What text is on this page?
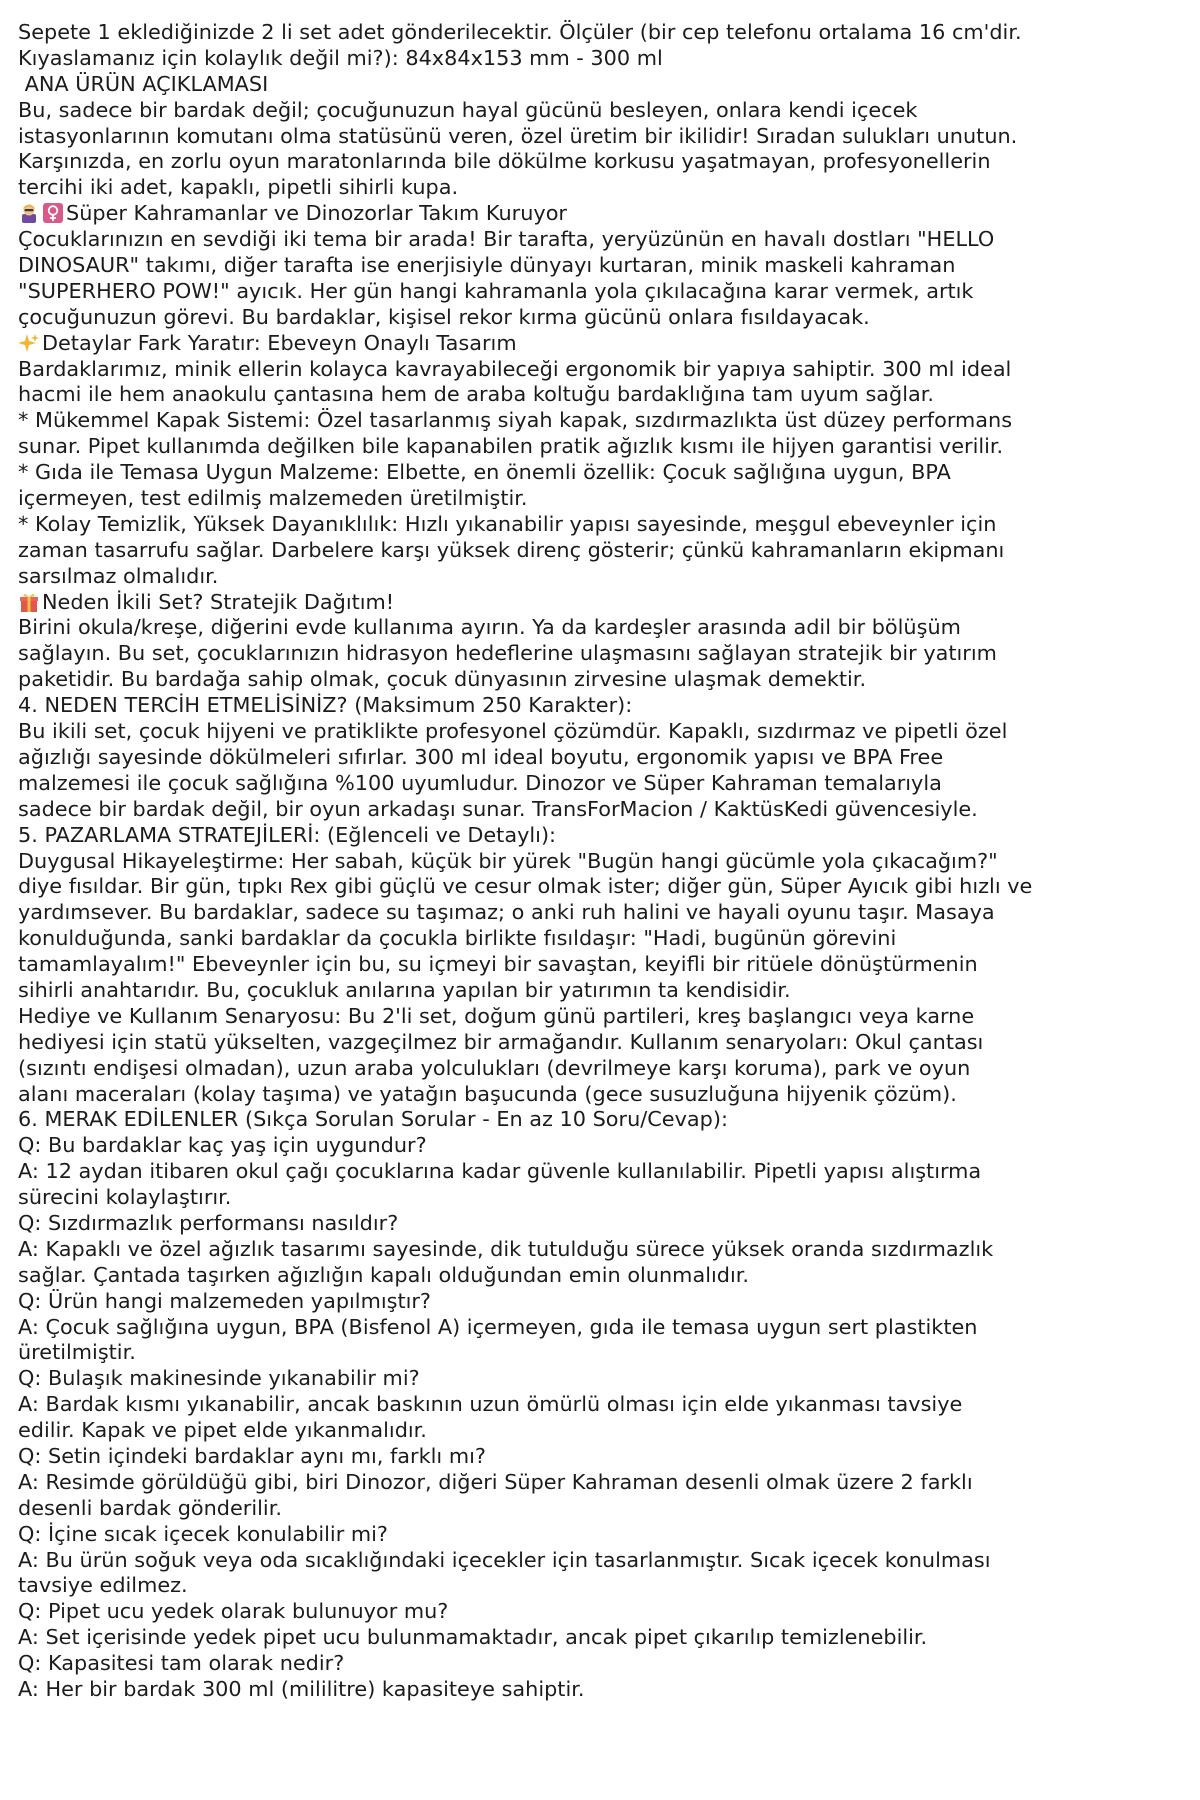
Sepete 1 eklediğinizde 2 li set adet gönderilecektir. Ölçüler (bir cep telefonu ortalama 16 cm'dir.
Kıyaslamanız için kolaylık değil mi?): 84x84x153 mm - 300 ml
ANA ÜRÜN AÇIKLAMASI
Bu, sadece bir bardak değil; çocuğunuzun hayal gücünü besleyen, onlara kendi içecek
istasyonlarının komutanı olma statüsünü veren, özel üretim bir ikilidir! Sıradan sulukları unutun.
Karşınızda, en zorlu oyun maratonlarında bile dökülme korkusu yaşatmayan, profesyonellerin
tercihi iki adet, kapaklı, pipetli sihirli kupa.
Süper Kahramanlar ve Dinozorlar Takım Kuruyor
Çocuklarınızın en sevdiği iki tema bir arada! Bir tarafta, yeryüzünün en havalı dostları "HELLO
DINOSAUR" takımı, diğer tarafta ise enerjisiyle dünyayı kurtaran, minik maskeli kahraman
"SUPERHERO POW!" ayıcık. Her gün hangi kahramanla yola çıkılacağına karar vermek, artık
çocuğunuzun görevi. Bu bardaklar, kişisel rekor kırma gücünü onlara fısıldayacak.
Detaylar Fark Yaratır: Ebeveyn Onaylı Tasarım
Bardaklarımız, minik ellerin kolayca kavrayabileceği ergonomik bir yapıya sahiptir. 300 ml ideal
hacmi ile hem anaokulu çantasına hem de araba koltuğu bardaklığına tam uyum sağlar.
* Mükemmel Kapak Sistemi: Özel tasarlanmış siyah kapak, sızdırmazlıkta üst düzey performans
sunar. Pipet kullanımda değilken bile kapanabilen pratik ağızlık kısmı ile hijyen garantisi verilir.
* Gıda ile Temasa Uygun Malzeme: Elbette, en önemli özellik: Çocuk sağlığına uygun, BPA
içermeyen, test edilmiş malzemeden üretilmiştir.
* Kolay Temizlik, Yüksek Dayanıklılık: Hızlı yıkanabilir yapısı sayesinde, meşgul ebeveynler için
zaman tasarrufu sağlar. Darbelere karşı yüksek direnç gösterir; çünkü kahramanların ekipmanı
sarsılmaz olmalıdır.
Neden İkili Set? Stratejik Dağıtım!
Birini okula/kreşe, diğerini evde kullanıma ayırın. Ya da kardeşler arasında adil bir bölüşüm
sağlayın. Bu set, çocuklarınızın hidrasyon hedeflerine ulaşmasını sağlayan stratejik bir yatırım
paketidir. Bu bardağa sahip olmak, çocuk dünyasının zirvesine ulaşmak demektir.
4. NEDEN TERCİH ETMELİSİNİZ? (Maksimum 250 Karakter):
Bu ikili set, çocuk hijyeni ve pratiklikte profesyonel çözümdür. Kapaklı, sızdırmaz ve pipetli özel
ağızlığı sayesinde dökülmeleri sıfırlar. 300 ml ideal boyutu, ergonomik yapısı ve BPA Free
malzemesi ile çocuk sağlığına %100 uyumludur. Dinozor ve Süper Kahraman temalarıyla
sadece bir bardak değil, bir oyun arkadaşı sunar. TransForMacion / KaktüsKedi güvencesiyle.
5. PAZARLAMA STRATEJİLERİ: (Eğlenceli ve Detaylı):
Duygusal Hikayeleştirme: Her sabah, küçük bir yürek "Bugün hangi gücümle yola çıkacağım?"
diye fısıldar. Bir gün, tıpkı Rex gibi güçlü ve cesur olmak ister; diğer gün, Süper Ayıcık gibi hızlı ve
yardımsever. Bu bardaklar, sadece su taşımaz; o anki ruh halini ve hayali oyunu taşır. Masaya
konulduğunda, sanki bardaklar da çocukla birlikte fısıldaşır: "Hadi, bugünün görevini
tamamlayalım!" Ebeveynler için bu, su içmeyi bir savaştan, keyifli bir ritüele dönüştürmenin
sihirli anahtarıdır. Bu, çocukluk anılarına yapılan bir yatırımın ta kendisidir.
Hediye ve Kullanım Senaryosu: Bu 2'li set, doğum günü partileri, kreş başlangıcı veya karne
hediyesi için statü yükselten, vazgeçilmez bir armağandır. Kullanım senaryoları: Okul çantası
(sızıntı endişesi olmadan), uzun araba yolculukları (devrilmeye karşı koruma), park ve oyun
alanı maceraları (kolay taşıma) ve yatağın başucunda (gece susuzluğuna hijyenik çözüm).
6. MERAK EDİLENLER (Sıkça Sorulan Sorular - En az 10 Soru/Cevap):
Q: Bu bardaklar kaç yaş için uygundur?
A: 12 aydan itibaren okul çağı çocuklarına kadar güvenle kullanılabilir. Pipetli yapısı alıştırma
sürecini kolaylaştırır.
Q: Sızdırmazlık performansı nasıldır?
A: Kapaklı ve özel ağızlık tasarımı sayesinde, dik tutulduğu sürece yüksek oranda sızdırmazlık
sağlar. Çantada taşırken ağızlığın kapalı olduğundan emin olunmalıdır.
Q: Ürün hangi malzemeden yapılmıştır?
A: Çocuk sağlığına uygun, BPA (Bisfenol A) içermeyen, gıda ile temasa uygun sert plastikten
üretilmiştir.
Q: Bulaşık makinesinde yıkanabilir mi?
A: Bardak kısmı yıkanabilir, ancak baskının uzun ömürlü olması için elde yıkanması tavsiye
edilir. Kapak ve pipet elde yıkanmalıdır.
Q: Setin içindeki bardaklar aynı mı, farklı mı?
A: Resimde görüldüğü gibi, biri Dinozor, diğeri Süper Kahraman desenli olmak üzere 2 farklı
desenli bardak gönderilir.
Q: İçine sıcak içecek konulabilir mi?
A: Bu ürün soğuk veya oda sıcaklığındaki içecekler için tasarlanmıştır. Sıcak içecek konulması
tavsiye edilmez.
Q: Pipet ucu yedek olarak bulunuyor mu?
A: Set içerisinde yedek pipet ucu bulunmamaktadır, ancak pipet çıkarılıp temizlenebilir.
Q: Kapasitesi tam olarak nedir?
A: Her bir bardak 300 ml (mililitre) kapasiteye sahiptir.
